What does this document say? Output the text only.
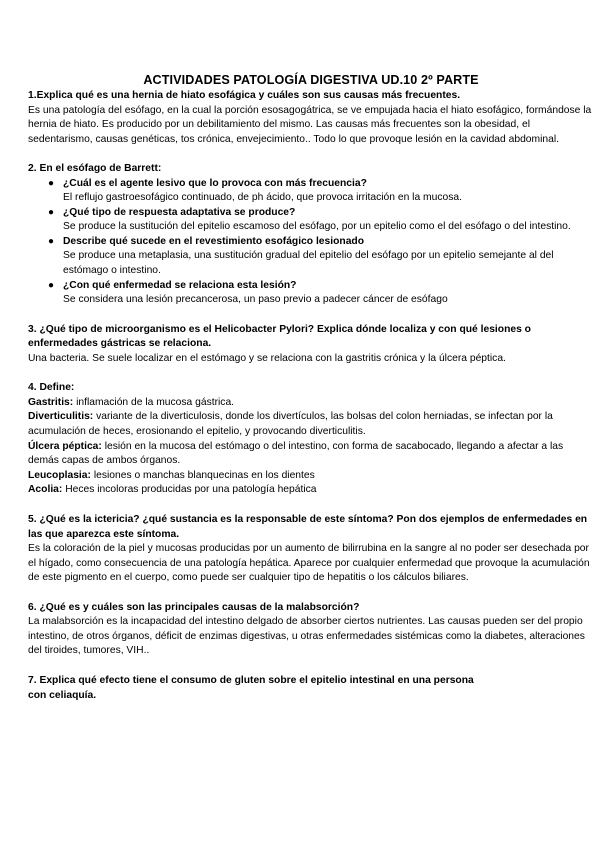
ACTIVIDADES PATOLOGÍA DIGESTIVA UD.10 2º PARTE
1.Explica qué es una hernia de hiato esofágica y cuáles son sus causas más frecuentes.
Es una patología del esófago, en la cual la porción esosagogátrica, se ve empujada hacia el hiato esofágico, formándose la hernia de hiato. Es producido por un debilitamiento del mismo. Las causas más frecuentes son la obesidad, el sedentarismo, causas genéticas, tos crónica, envejecimiento.. Todo lo que provoque lesión en la cavidad abdominal.
2. En el esófago de Barrett:
● ¿Cuál es el agente lesivo que lo provoca con más frecuencia?
El reflujo gastroesofágico continuado, de ph ácido, que provoca irritación en la mucosa.
● ¿Qué tipo de respuesta adaptativa se produce?
Se produce la sustitución del epitelio escamoso del esófago, por un epitelio como el del esófago o del intestino.
● Describe qué sucede en el revestimiento esofágico lesionado
Se produce una metaplasia, una sustitución gradual del epitelio del esófago por un epitelio semejante al del estómago o intestino.
● ¿Con qué enfermedad se relaciona esta lesión?
Se considera una lesión precancerosa, un paso previo a padecer cáncer de esófago
3. ¿Qué tipo de microorganismo es el Helicobacter Pylori? Explica dónde localiza y con qué lesiones o enfermedades gástricas se relaciona.
Una bacteria. Se suele localizar en el estómago y se relaciona con la gastritis crónica y la úlcera péptica.
4. Define:
Gastritis: inflamación de la mucosa gástrica.
Diverticulitis: variante de la diverticulosis, donde los divertículos, las bolsas del colon herniadas, se infectan por la acumulación de heces, erosionando el epitelio, y provocando diverticulitis.
Úlcera péptica: lesión en la mucosa del estómago o del intestino, con forma de sacabocado, llegando a afectar a las demás capas de ambos órganos.
Leucoplasia: lesiones o manchas blanquecinas en los dientes
Acolia: Heces incoloras producidas por una patología hepática
5. ¿Qué es la ictericia? ¿qué sustancia es la responsable de este síntoma? Pon dos ejemplos de enfermedades en las que aparezca este síntoma.
Es la coloración de la piel y mucosas producidas por un aumento de bilirrubina en la sangre al no poder ser desechada por el hígado, como consecuencia de una patología hepática. Aparece por cualquier enfermedad que provoque la acumulación de este pigmento en el cuerpo, como puede ser cualquier tipo de hepatitis o los cálculos biliares.
6. ¿Qué es y cuáles son las principales causas de la malabsorción?
La malabsorción es la incapacidad del intestino delgado de absorber ciertos nutrientes. Las causas pueden ser del propio intestino, de otros órganos, déficit de enzimas digestivas, u otras enfermedades sistémicas como la diabetes, alteraciones del tiroides, tumores, VIH..
7. Explica qué efecto tiene el consumo de gluten sobre el epitelio intestinal en una persona
con celiaquía.
